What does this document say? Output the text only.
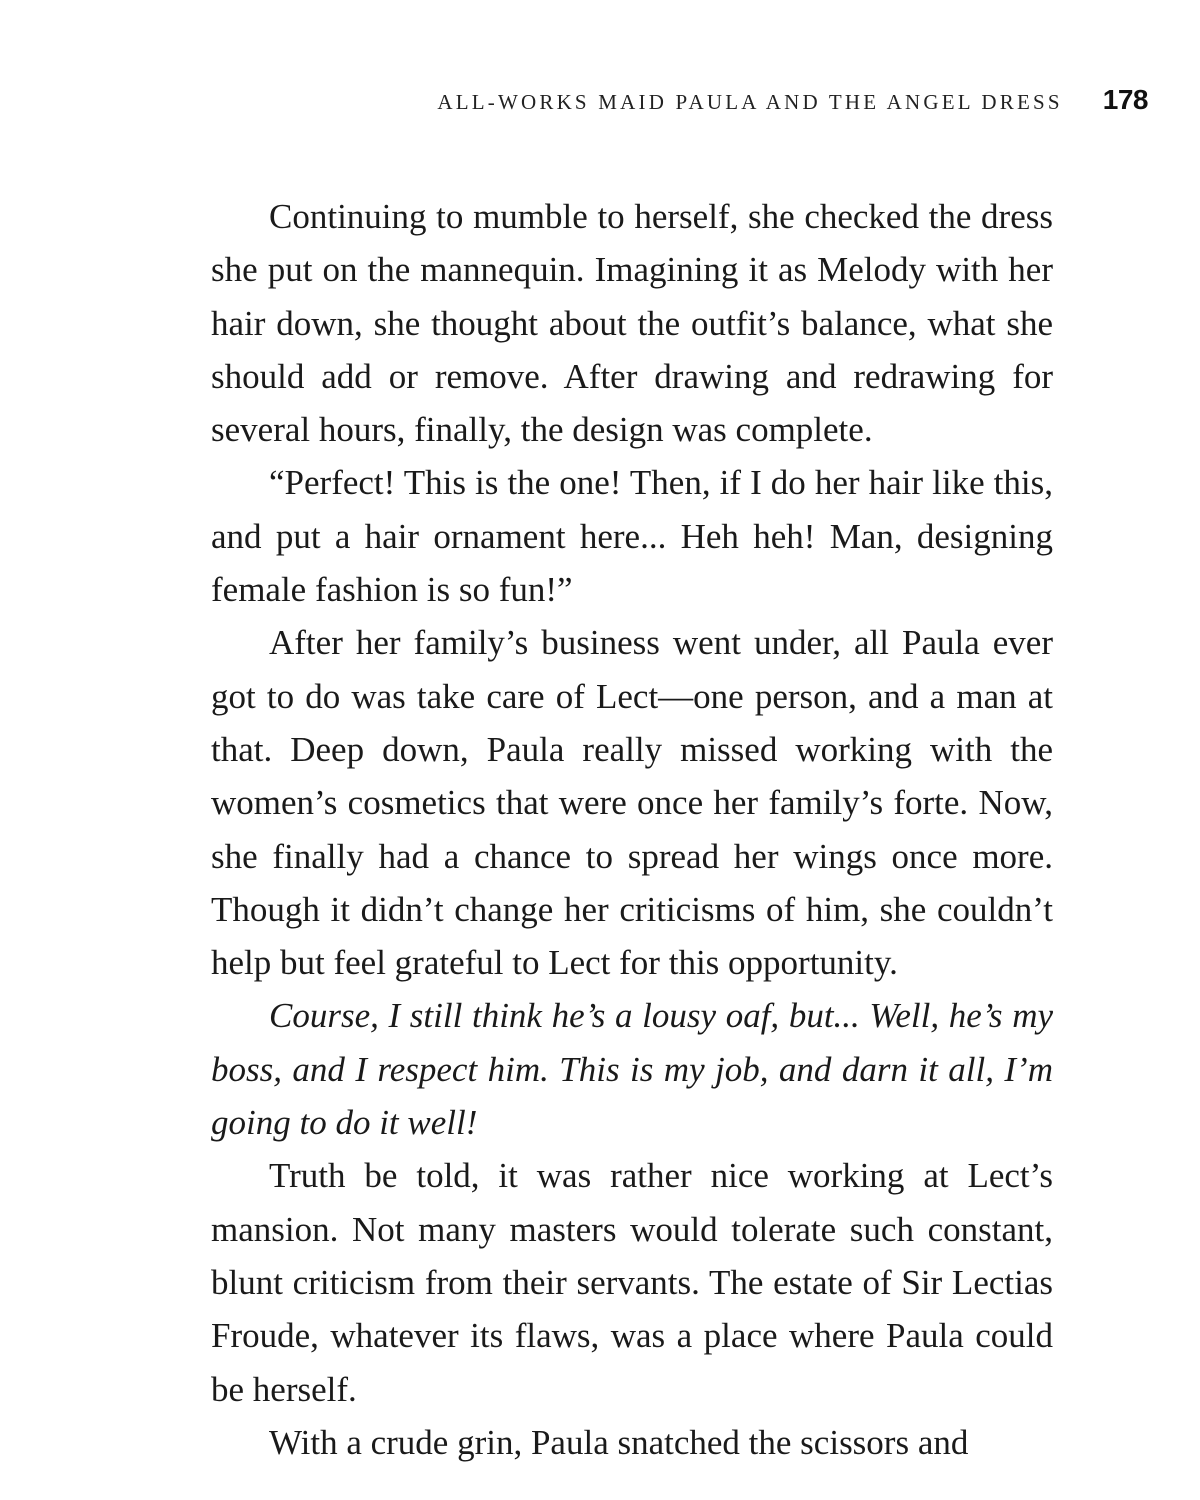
ALL-WORKS MAID PAULA AND THE ANGEL DRESS 178

Continuing to mumble to herself, she checked the dress she put on the mannequin. Imagining it as Melody with her hair down, she thought about the outfit’s balance, what she should add or remove. After drawing and redrawing for several hours, finally, the design was complete.

“Perfect! This is the one! Then, if I do her hair like this, and put a hair ornament here... Heh heh! Man, designing female fashion is so fun!”

After her family’s business went under, all Paula ever got to do was take care of Lect—one person, and a man at that. Deep down, Paula really missed working with the women’s cosmetics that were once her family’s forte. Now, she finally had a chance to spread her wings once more. Though it didn’t change her criticisms of him, she couldn’t help but feel grateful to Lect for this opportunity.

Course, I still think he’s a lousy oaf, but... Well, he’s my boss, and I respect him. This is my job, and darn it all, I’m going to do it well!

Truth be told, it was rather nice working at Lect’s mansion. Not many masters would tolerate such constant, blunt criticism from their servants. The estate of Sir Lectias Froude, whatever its flaws, was a place where Paula could be herself.

With a crude grin, Paula snatched the scissors and
